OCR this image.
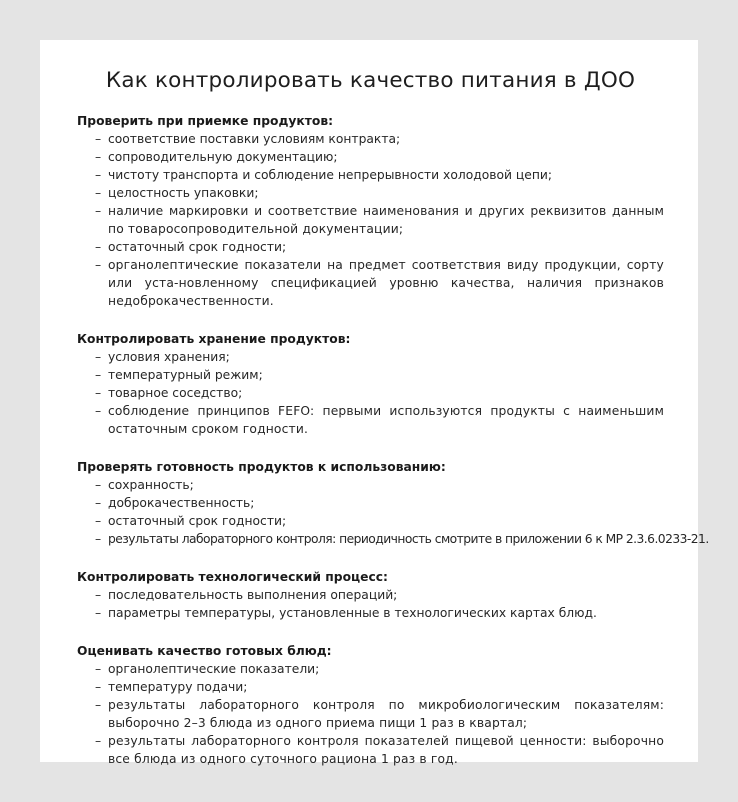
Как контролировать качество питания в ДОО
Проверить при приемке продуктов:
– соответствие поставки условиям контракта;
– сопроводительную документацию;
– чистоту транспорта и соблюдение непрерывности холодовой цепи;
– целостность упаковки;
– наличие маркировки и соответствие наименования и других реквизитов данным по товаросопроводительной документации;
– остаточный срок годности;
– органолептические показатели на предмет соответствия виду продукции, сорту или уста-новленному спецификацией уровню качества, наличия признаков недоброкачественности.
Контролировать хранение продуктов:
– условия хранения;
– температурный режим;
– товарное соседство;
– соблюдение принципов FEFO: первыми используются продукты с наименьшим остаточным сроком годности.
Проверять готовность продуктов к использованию:
– сохранность;
– доброкачественность;
– остаточный срок годности;
– результаты лабораторного контроля: периодичность смотрите в приложении 6 к МР 2.3.6.0233-21.
Контролировать технологический процесс:
– последовательность выполнения операций;
– параметры температуры, установленные в технологических картах блюд.
Оценивать качество готовых блюд:
– органолептические показатели;
– температуру подачи;
– результаты лабораторного контроля по микробиологическим показателям: выборочно 2–3 блюда из одного приема пищи 1 раз в квартал;
– результаты лабораторного контроля показателей пищевой ценности: выборочно все блюда из одного суточного рациона 1 раз в год.
